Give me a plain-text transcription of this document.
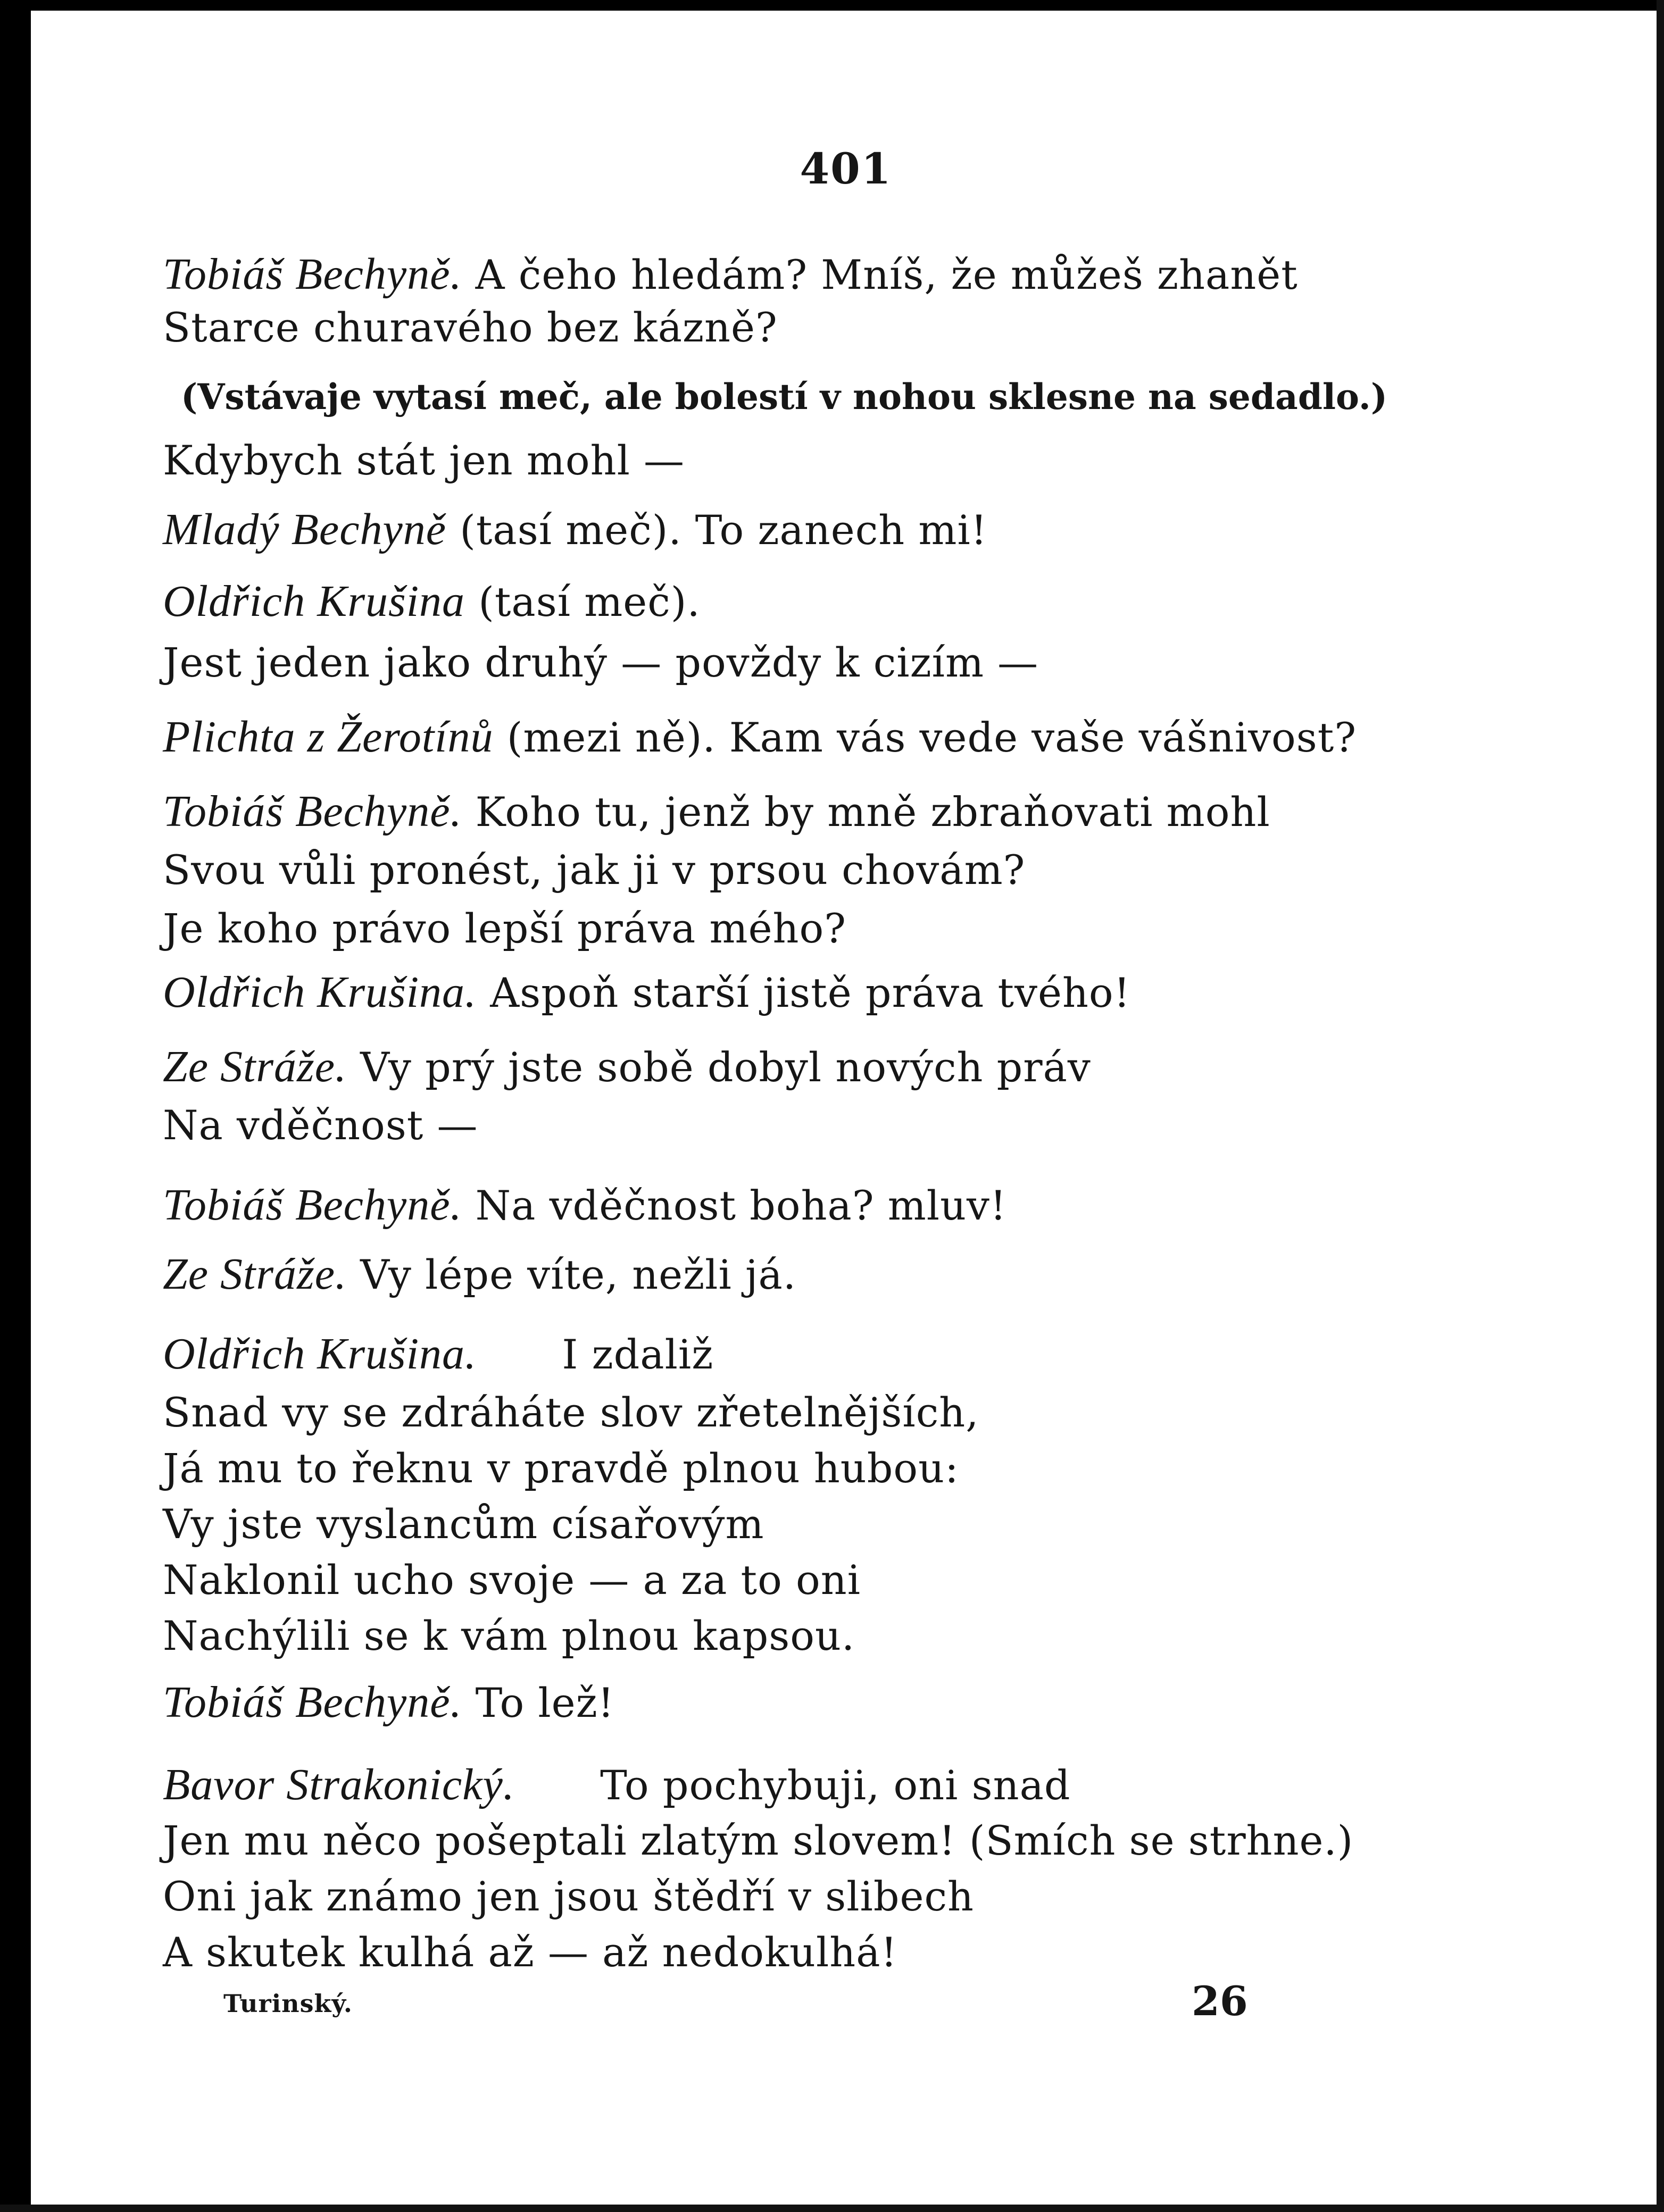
401
Tobiáš Bechyně. A čeho hledám? Mníš, že můžeš zhanět
Starce churavého bez kázně?
(Vstávaje vytasí meč, ale bolestí v nohou sklesne na sedadlo.)
Kdybych stát jen mohl —
Mladý Bechyně (tasí meč). To zanech mi!
Oldřich Krušina (tasí meč).
Jest jeden jako druhý — povždy k cizím —
Plichta z Žerotínů (mezi ně). Kam vás vede vaše vášnivost?
Tobiáš Bechyně. Koho tu, jenž by mně zbraňovati mohl
Svou vůli pronést, jak ji v prsou chovám?
Je koho právo lepší práva mého?
Oldřich Krušina. Aspoň starší jistě práva tvého!
Ze Stráže. Vy prý jste sobě dobyl nových práv
Na vděčnost —
Tobiáš Bechyně. Na vděčnost boha? mluv!
Ze Stráže. Vy lépe víte, nežli já.
Oldřich Krušina. I zdaliž
Snad vy se zdráháte slov zřetelnějších,
Já mu to řeknu v pravdě plnou hubou:
Vy jste vyslancům císařovým
Naklonil ucho svoje — a za to oni
Nachýlili se k vám plnou kapsou.
Tobiáš Bechyně. To lež!
Bavor Strakonický. To pochybuji, oni snad
Jen mu něco pošeptali zlatým slovem! (Smích se strhne.)
Oni jak známo jen jsou štědří v slibech
A skutek kulhá až — až nedokulhá!
Turinský.	26
